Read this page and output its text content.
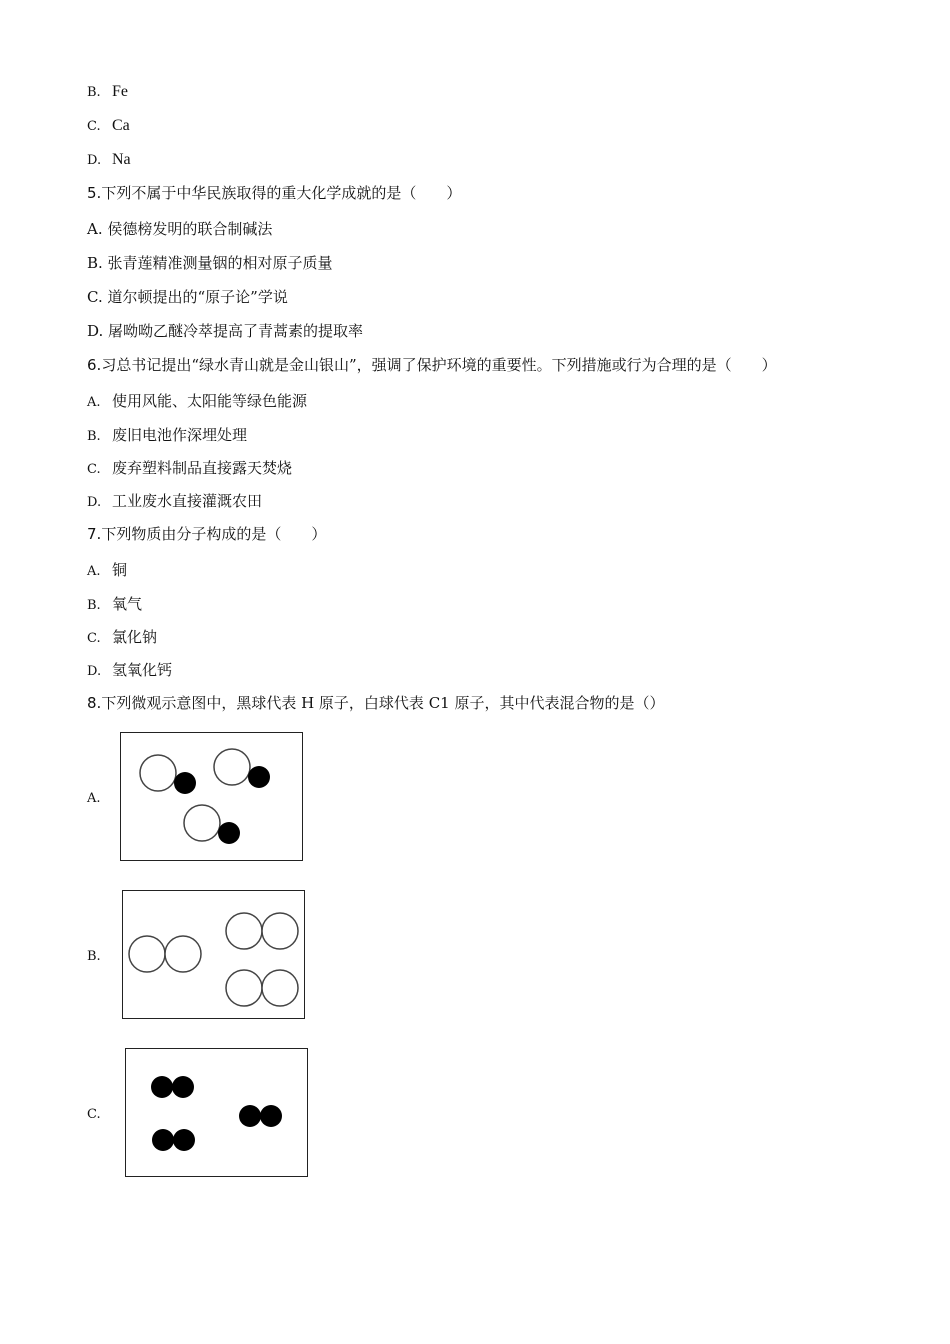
B. Fe
C. Ca
D. Na
5.下列不属于中华民族取得的重大化学成就的是（　　）
A. 侯德榜发明的联合制碱法
B. 张青莲精准测量铟的相对原子质量
C. 道尔顿提出的“原子论”学说
D. 屠呦呦乙醚冷萃提高了青蒿素的提取率
6.习总书记提出“绿水青山就是金山银山”，强调了保护环境的重要性。下列措施或行为合理的是（　　）
A. 使用风能、太阳能等绿色能源
B. 废旧电池作深埋处理
C. 废弃塑料制品直接露天焚烧
D. 工业废水直接灌溉农田
7.下列物质由分子构成的是（　　）
A. 铜
B. 氧气
C. 氯化钠
D. 氢氧化钙
8.下列微观示意图中，黑球代表 H 原子，白球代表 C1 原子，其中代表混合物的是（）
A.
B.
C.
